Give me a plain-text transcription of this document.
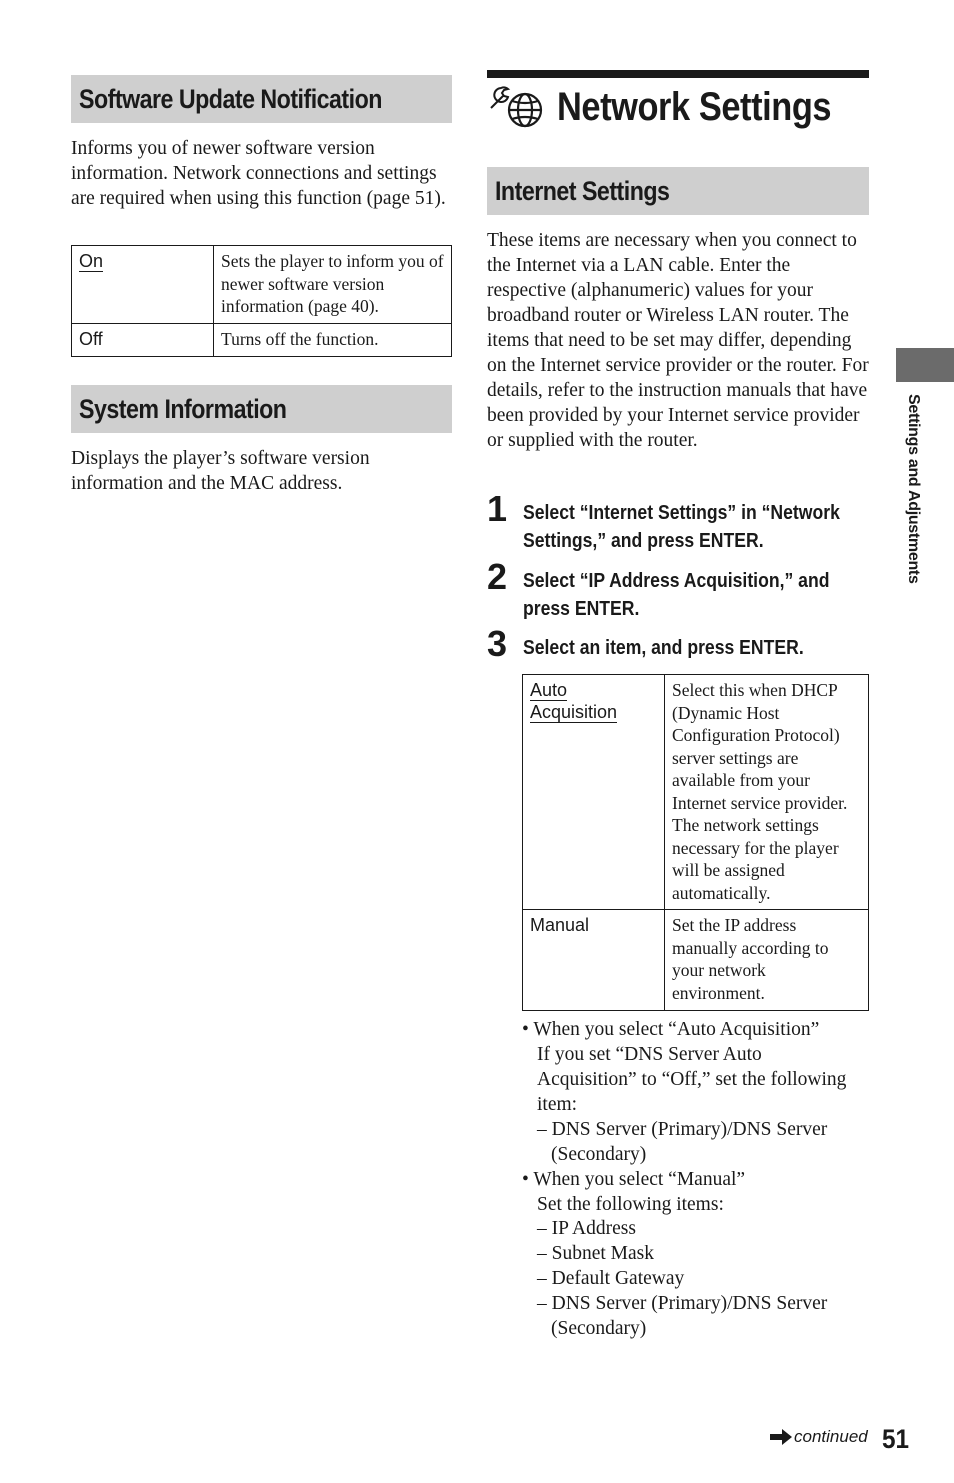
Software Update Notification
Informs you of newer software version information. Network connections and settings are required when using this function (page 51).
On	Sets the player to inform you of newer software version information (page 40).
Off	Turns off the function.
System Information
Displays the player’s software version information and the MAC address.
Network Settings
Internet Settings
These items are necessary when you connect to the Internet via a LAN cable. Enter the respective (alphanumeric) values for your broadband router or Wireless LAN router. The items that need to be set may differ, depending on the Internet service provider or the router. For details, refer to the instruction manuals that have been provided by your Internet service provider or supplied with the router.
1 Select “Internet Settings” in “Network
Settings,” and press ENTER.
2 Select “IP Address Acquisition,” and
press ENTER.
3 Select an item, and press ENTER.
Auto
Acquisition	Select this when DHCP (Dynamic Host Configuration Protocol) server settings are available from your Internet service provider. The network settings necessary for the player will be assigned automatically.
Manual	Set the IP address manually according to your network environment.
• When you select “Auto Acquisition”
If you set “DNS Server Auto
Acquisition” to “Off,” set the following
item:
– DNS Server (Primary)/DNS Server
(Secondary)
• When you select “Manual”
Set the following items:
– IP Address
– Subnet Mask
– Default Gateway
– DNS Server (Primary)/DNS Server
(Secondary)
Settings and Adjustments
continued 51
